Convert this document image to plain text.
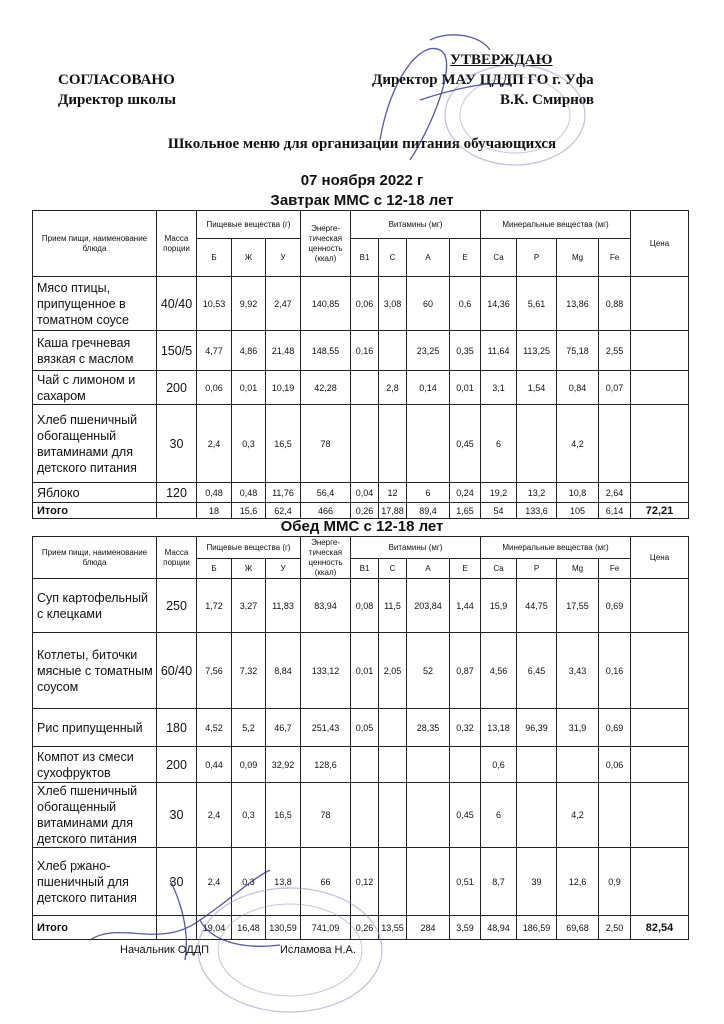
СОГЛАСОВАНО
Директор школы
УТВЕРЖДАЮ
Директор МАУ ЦДДП ГО г. Уфа
В.К. Смирнов
Школьное меню для организации питания обучающихся
07 ноября 2022 г
Завтрак ММС с 12-18 лет
Прием пищи, наименование блюда	Масса порции	Пищевые вещества (г)			Энерге-тическая ценность (ккал)	Витамины (мг)				Минеральные вещества (мг)				Цена
		Б	Ж	У		В1	С	А	Е	Са	Р	Mg	Fe	
Мясо птицы, припущенное в томатном соусе	40/40	10,53	9,92	2,47	140,85	0,06	3,08	60	0,6	14,36	5,61	13,86	0,88	
Каша гречневая вязкая с маслом	150/5	4,77	4,86	21,48	148,55	0,16		23,25	0,35	11,64	113,25	75,18	2,55	
Чай с лимоном и сахаром	200	0,06	0,01	10,19	42,28		2,8	0,14	0,01	3,1	1,54	0,84	0,07	
Хлеб пшеничный обогащенный витаминами для детского питания	30	2,4	0,3	16,5	78				0,45	6		4,2		
Яблоко	120	0,48	0,48	11,76	56,4	0,04	12	6	0,24	19,2	13,2	10,8	2,64	
Итого		18	15,6	62,4	466	0,26	17,88	89,4	1,65	54	133,6	105	6,14	72,21
Обед ММС с 12-18 лет
Прием пищи, наименование блюда	Масса порции	Пищевые вещества (г)			Энерге-тическая ценность (ккал)	Витамины (мг)				Минеральные вещества (мг)				Цена
		Б	Ж	У		В1	С	А	Е	Са	Р	Mg	Fe	
Суп картофельный с клецками	250	1,72	3,27	11,83	83,94	0,08	11,5	203,84	1,44	15,9	44,75	17,55	0,69	
Котлеты, биточки мясные с томатным соусом	60/40	7,56	7,32	8,84	133,12	0,01	2,05	52	0,87	4,56	6,45	3,43	0,16	
Рис припущенный	180	4,52	5,2	46,7	251,43	0,05		28,35	0,32	13,18	96,39	31,9	0,69	
Компот из смеси сухофруктов	200	0,44	0,09	32,92	128,6					0,6			0,06	
Хлеб пшеничный обогащенный витаминами для детского питания	30	2,4	0,3	16,5	78				0,45	6		4,2		
Хлеб ржано-пшеничный для детского питания	30	2,4	0,3	13,8	66	0,12			0,51	8,7	39	12,6	0,9	
Итого		19,04	16,48	130,59	741,09	0,26	13,55	284	3,59	48,94	186,59	69,68	2,50	82,54
Начальник ОДДП	Исламова Н.А.
